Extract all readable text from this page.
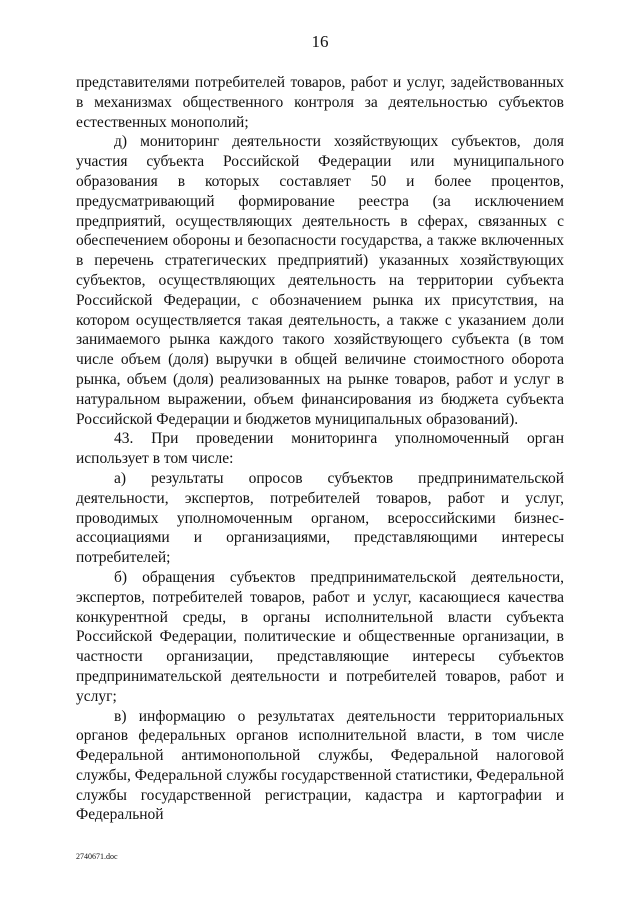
16

представителями потребителей товаров, работ и услуг, задействованных в механизмах общественного контроля за деятельностью субъектов естественных монополий;

д) мониторинг деятельности хозяйствующих субъектов, доля участия субъекта Российской Федерации или муниципального образования в которых составляет 50 и более процентов, предусматривающий формирование реестра (за исключением предприятий, осуществляющих деятельность в сферах, связанных с обеспечением обороны и безопасности государства, а также включенных в перечень стратегических предприятий) указанных хозяйствующих субъектов, осуществляющих деятельность на территории субъекта Российской Федерации, с обозначением рынка их присутствия, на котором осуществляется такая деятельность, а также с указанием доли занимаемого рынка каждого такого хозяйствующего субъекта (в том числе объем (доля) выручки в общей величине стоимостного оборота рынка, объем (доля) реализованных на рынке товаров, работ и услуг в натуральном выражении, объем финансирования из бюджета субъекта Российской Федерации и бюджетов муниципальных образований).

43. При проведении мониторинга уполномоченный орган использует в том числе:

а) результаты опросов субъектов предпринимательской деятельности, экспертов, потребителей товаров, работ и услуг, проводимых уполномоченным органом, всероссийскими бизнес-ассоциациями и организациями, представляющими интересы потребителей;

б) обращения субъектов предпринимательской деятельности, экспертов, потребителей товаров, работ и услуг, касающиеся качества конкурентной среды, в органы исполнительной власти субъекта Российской Федерации, политические и общественные организации, в частности организации, представляющие интересы субъектов предпринимательской деятельности и потребителей товаров, работ и услуг;

в) информацию о результатах деятельности территориальных органов федеральных органов исполнительной власти, в том числе Федеральной антимонопольной службы, Федеральной налоговой службы, Федеральной службы государственной статистики, Федеральной службы государственной регистрации, кадастра и картографии и Федеральной

2740671.doc
